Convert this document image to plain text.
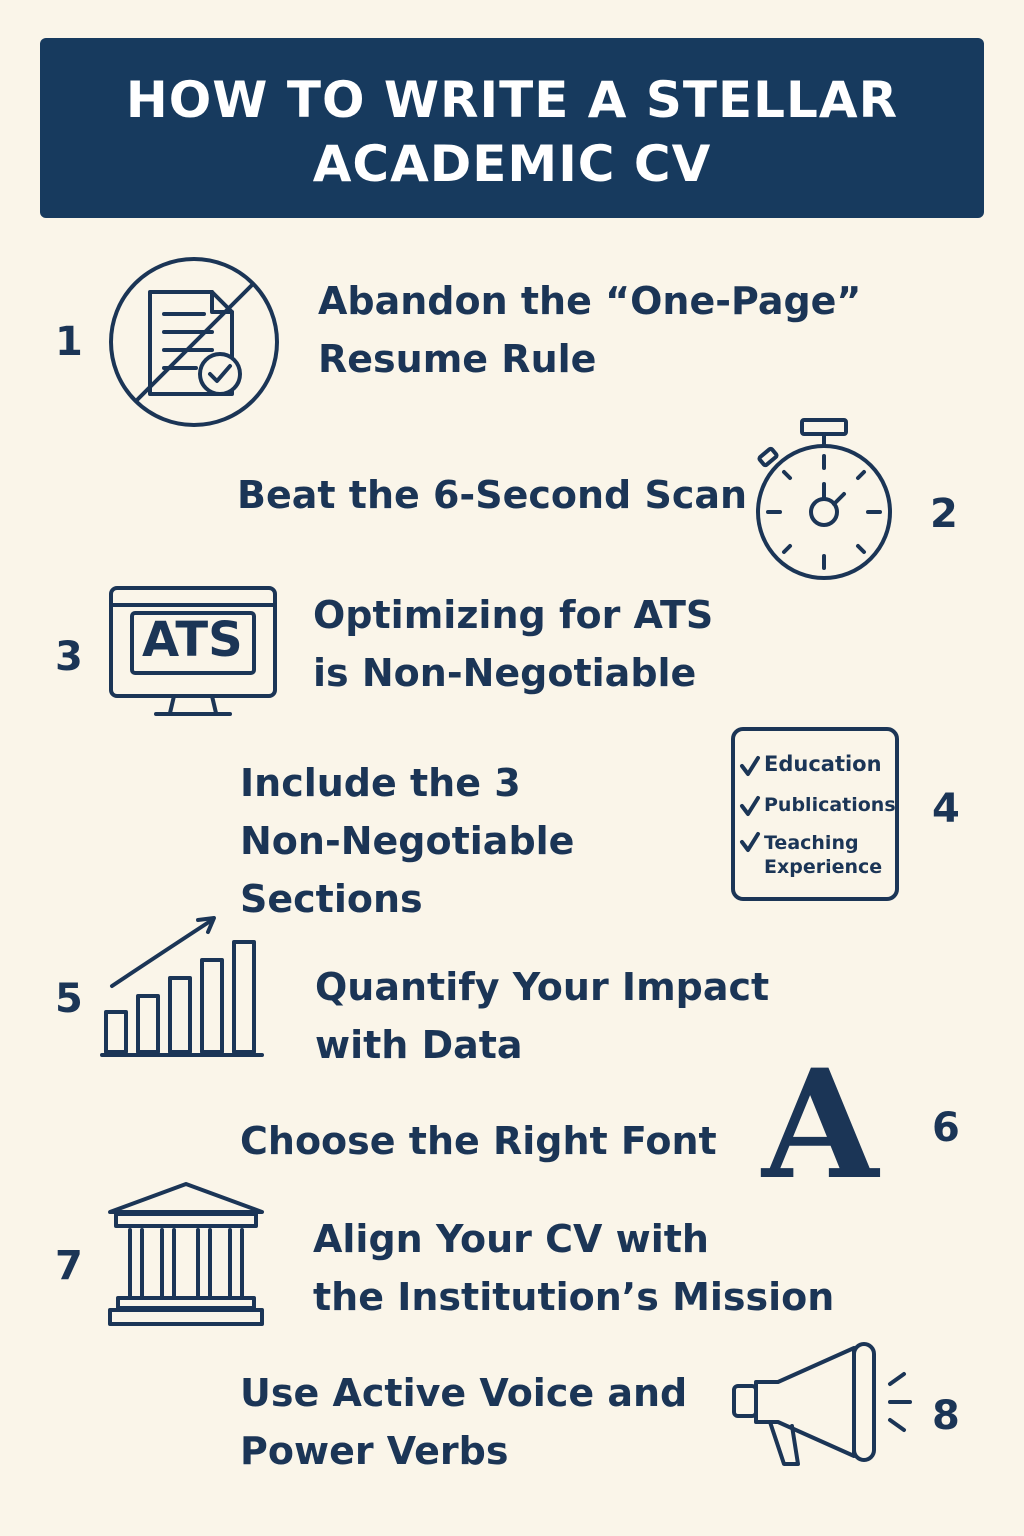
HOW TO WRITE A STELLAR
ACADEMIC CV
1
Abandon the “One-Page”
Resume Rule
Beat the 6-Second Scan	2
3 ATS Optimizing for ATS
is Non-Negotiable
Include the 3
Non-Negotiable
Sections
Education
Publications
Teaching
Experience
4
5	Quantify Your Impact
with Data
Choose the Right Font A 6
7
Align Your CV with
the Institution’s Mission
Use Active Voice and
Power Verbs
8
